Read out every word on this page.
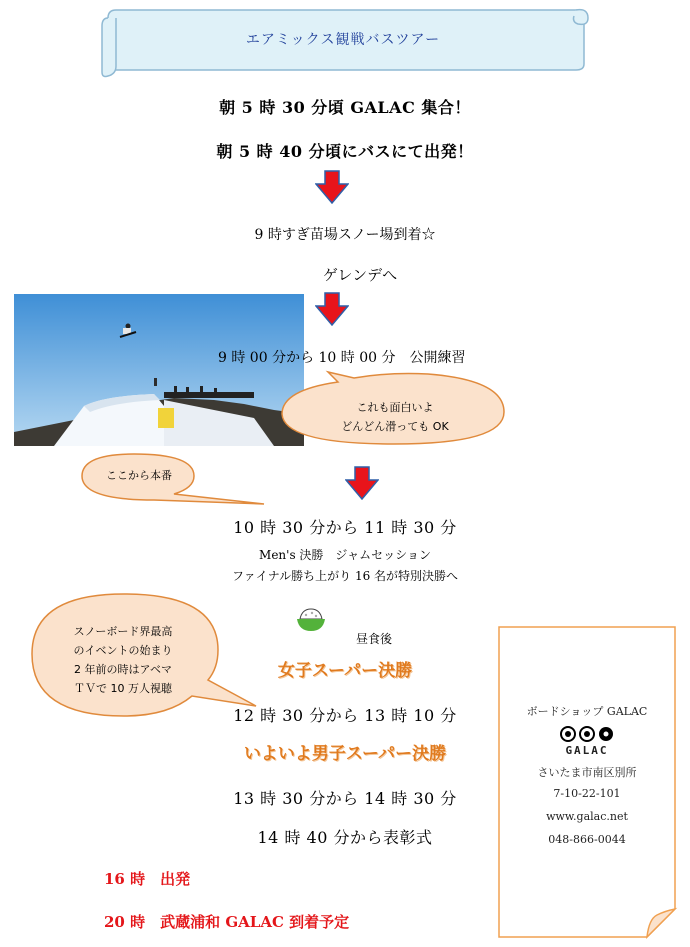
エアミックス観戦バスツアー
朝 5 時 30 分頃 GALAC 集合！
朝 5 時 40 分頃にバスにて出発！
9 時すぎ苗場スノー場到着☆
ゲレンデへ
9 時 00 分から 10 時 00 分　公開練習
これも面白いよ
どんどん滑っても OK
ここから本番
10 時 30 分から 11 時 30 分
Men's 決勝　ジャムセッション
ファイナル勝ち上がり 16 名が特別決勝へ
スノーボード界最高
のイベントの始まり
2 年前の時はアベマ
ＴＶで 10 万人視聴
昼食後
女子スーパー決勝
12 時 30 分から 13 時 10 分
いよいよ男子スーパー決勝
13 時 30 分から 14 時 30 分
14 時 40 分から表彰式
16 時　出発
20 時　武蔵浦和 GALAC 到着予定
ボードショップ GALAC
GALAC
さいたま市南区別所
7-10-22-101
www.galac.net
048-866-0044
